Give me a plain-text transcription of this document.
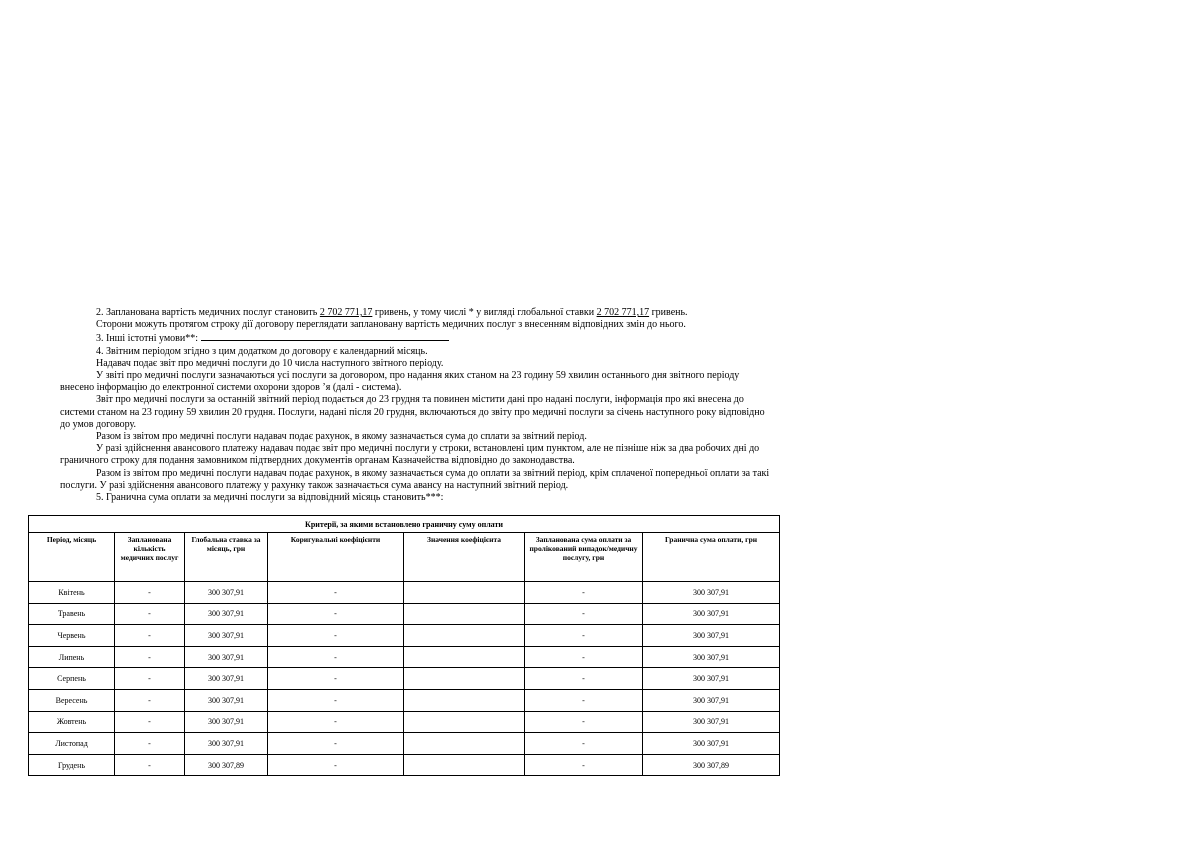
2. Запланована вартість медичних послуг становить 2 702 771,17 гривень, у тому числі * у вигляді глобальної ставки 2 702 771,17 гривень.

Сторони можуть протягом строку дії договору переглядати заплановану вартість медичних послуг з внесенням відповідних змін до нього.

3. Інші істотні умови**:

4. Звітним періодом згідно з цим додатком до договору є календарний місяць.

Надавач подає звіт про медичні послуги до 10 числа наступного звітного періоду.

У звіті про медичні послуги зазначаються усі послуги за договором, про надання яких станом на 23 годину 59 хвилин останнього дня звітного періоду внесено інформацію до електронної системи охорони здоров ’я (далі - система).

Звіт про медичні послуги за останній звітний період подається до 23 грудня та повинен містити дані про надані послуги, інформація про які внесена до системи станом на 23 годину 59 хвилин 20 грудня. Послуги, надані після 20 грудня, включаються до звіту про медичні послуги за січень наступного року відповідно до умов договору.

Разом із звітом про медичні послуги надавач подає рахунок, в якому зазначається сума до сплати за звітний період.

У разі здійснення авансового платежу надавач подає звіт про медичні послуги у строки, встановлені цим пунктом, але не пізніше ніж за два робочих дні до граничного строку для подання замовником підтвердних документів органам Казначейства відповідно до законодавства.

Разом із звітом про медичні послуги надавач подає рахунок, в якому зазначається сума до оплати за звітний період, крім сплаченої попередньої оплати за такі послуги. У разі здійснення авансового платежу у рахунку також зазначається сума авансу на наступний звітний період.

5. Гранична сума оплати за медичні послуги за відповідний місяць становить***:

Критерії, за якими встановлено граничну суму оплати						
Період, місяць	Запланована кількість медичних послуг	Глобальна ставка за місяць, грн	Коригувальні коефіцієнти	Значення коефіцієнта	Запланована сума оплати за пролікований випадок/медичну послугу, грн	Гранична сума оплати, грн
Квітень	-	300 307,91	-		-	300 307,91
Травень	-	300 307,91	-		-	300 307,91
Червень	-	300 307,91	-		-	300 307,91
Липень	-	300 307,91	-		-	300 307,91
Серпень	-	300 307,91	-		-	300 307,91
Вересень	-	300 307,91	-		-	300 307,91
Жовтень	-	300 307,91	-		-	300 307,91
Листопад	-	300 307,91	-		-	300 307,91
Грудень	-	300 307,89	-		-	300 307,89
